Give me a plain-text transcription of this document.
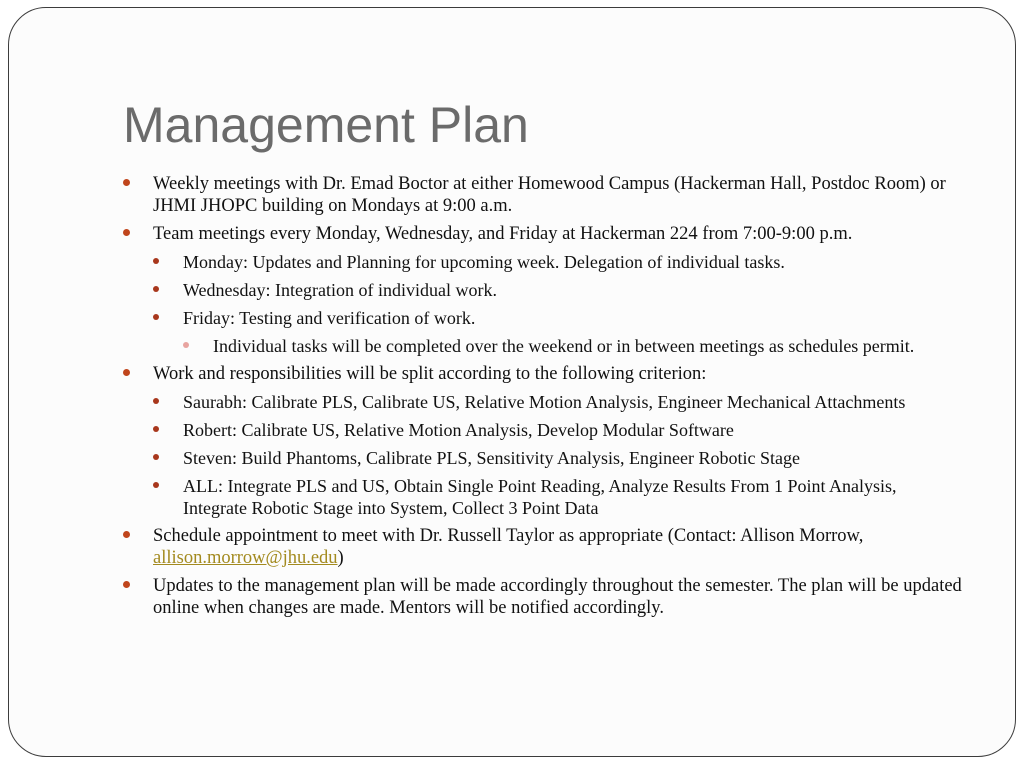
Management Plan
Weekly meetings with Dr. Emad Boctor at either Homewood Campus (Hackerman Hall, Postdoc Room) or JHMI JHOPC building on Mondays at 9:00 a.m.
Team meetings every Monday, Wednesday, and Friday at Hackerman 224 from 7:00-9:00 p.m.
Monday: Updates and Planning for upcoming week. Delegation of individual tasks.
Wednesday: Integration of individual work.
Friday: Testing and verification of work.
Individual tasks will be completed over the weekend or in between meetings as schedules permit.
Work and responsibilities will be split according to the following criterion:
Saurabh: Calibrate PLS, Calibrate US, Relative Motion Analysis, Engineer Mechanical Attachments
Robert: Calibrate US, Relative Motion Analysis, Develop Modular Software
Steven: Build Phantoms, Calibrate PLS, Sensitivity Analysis, Engineer Robotic Stage
ALL: Integrate PLS and US, Obtain Single Point Reading, Analyze Results From 1 Point Analysis, Integrate Robotic Stage into System, Collect 3 Point Data
Schedule appointment to meet with Dr. Russell Taylor as appropriate (Contact: Allison Morrow, allison.morrow@jhu.edu)
Updates to the management plan will be made accordingly throughout the semester. The plan will be updated online when changes are made. Mentors will be notified accordingly.
